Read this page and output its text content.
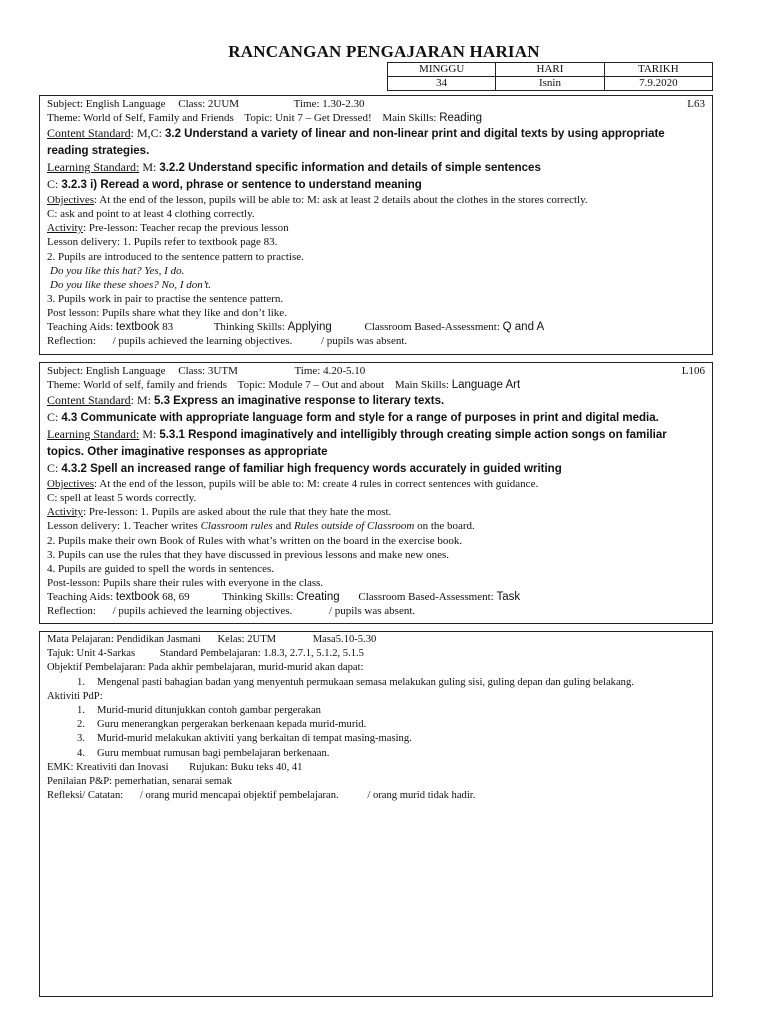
RANCANGAN PENGAJARAN HARIAN
MINGGU	HARI	TARIKH
34	Isnin	7.9.2020
Subject: English Language Class: 2UUM	Time: 1.30-2.30	L63
Theme: World of Self, Family and Friends Topic: Unit 7 – Get Dressed! Main Skills: Reading
Content Standard: M,C: 3.2 Understand a variety of linear and non-linear print and digital texts by using appropriate reading strategies.
Learning Standard: M: 3.2.2 Understand specific information and details of simple sentences
C: 3.2.3 i) Reread a word, phrase or sentence to understand meaning
Objectives: At the end of the lesson, pupils will be able to: M: ask at least 2 details about the clothes in the stores correctly.
C: ask and point to at least 4 clothing correctly.
Activity: Pre-lesson: Teacher recap the previous lesson
Lesson delivery: 1. Pupils refer to textbook page 83.
2. Pupils are introduced to the sentence pattern to practise.
Do you like this hat? Yes, I do.
Do you like these shoes? No, I don’t.
3. Pupils work in pair to practise the sentence pattern.
Post lesson: Pupils share what they like and don’t like.
Teaching Aids: textbook 83	Thinking Skills: Applying	Classroom Based-Assessment: Q and A
Reflection: / pupils achieved the learning objectives.	/ pupils was absent.
Subject: English Language Class: 3UTM	Time: 4.20-5.10	L106
Theme: World of self, family and friends Topic: Module 7 – Out and about Main Skills: Language Art
Content Standard: M: 5.3 Express an imaginative response to literary texts.
C: 4.3 Communicate with appropriate language form and style for a range of purposes in print and digital media.
Learning Standard: M: 5.3.1 Respond imaginatively and intelligibly through creating simple action songs on familiar topics. Other imaginative responses as appropriate
C: 4.3.2 Spell an increased range of familiar high frequency words accurately in guided writing
Objectives: At the end of the lesson, pupils will be able to: M: create 4 rules in correct sentences with guidance.
C: spell at least 5 words correctly.
Activity: Pre-lesson: 1. Pupils are asked about the rule that they hate the most.
Lesson delivery: 1. Teacher writes Classroom rules and Rules outside of Classroom on the board.
2. Pupils make their own Book of Rules with what’s written on the board in the exercise book.
3. Pupils can use the rules that they have discussed in previous lessons and make new ones.
4. Pupils are guided to spell the words in sentences.
Post-lesson: Pupils share their rules with everyone in the class.
Teaching Aids: textbook 68, 69	Thinking Skills: Creating Classroom Based-Assessment: Task
Reflection: / pupils achieved the learning objectives.	/ pupils was absent.
Mata Pelajaran: Pendidikan Jasmani Kelas: 2UTM	Masa5.10-5.30
Tajuk: Unit 4-Sarkas Standard Pembelajaran: 1.8.3, 2.7.1, 5.1.2, 5.1.5
Objektif Pembelajaran: Pada akhir pembelajaran, murid-murid akan dapat:
1.	Mengenal pasti bahagian badan yang menyentuh permukaan semasa melakukan guling sisi, guling depan dan guling belakang.
Aktiviti PdP:
1. Murid-murid ditunjukkan contoh gambar pergerakan
2. Guru menerangkan pergerakan berkenaan kepada murid-murid.
3. Murid-murid melakukan aktiviti yang berkaitan di tempat masing-masing.
4. Guru membuat rumusan bagi pembelajaran berkenaan.
EMK: Kreativiti dan Inovasi Rujukan: Buku teks 40, 41
Penilaian P&P: pemerhatian, senarai semak
Refleksi/ Catatan: / orang murid mencapai objektif pembelajaran.	/ orang murid tidak hadir.
